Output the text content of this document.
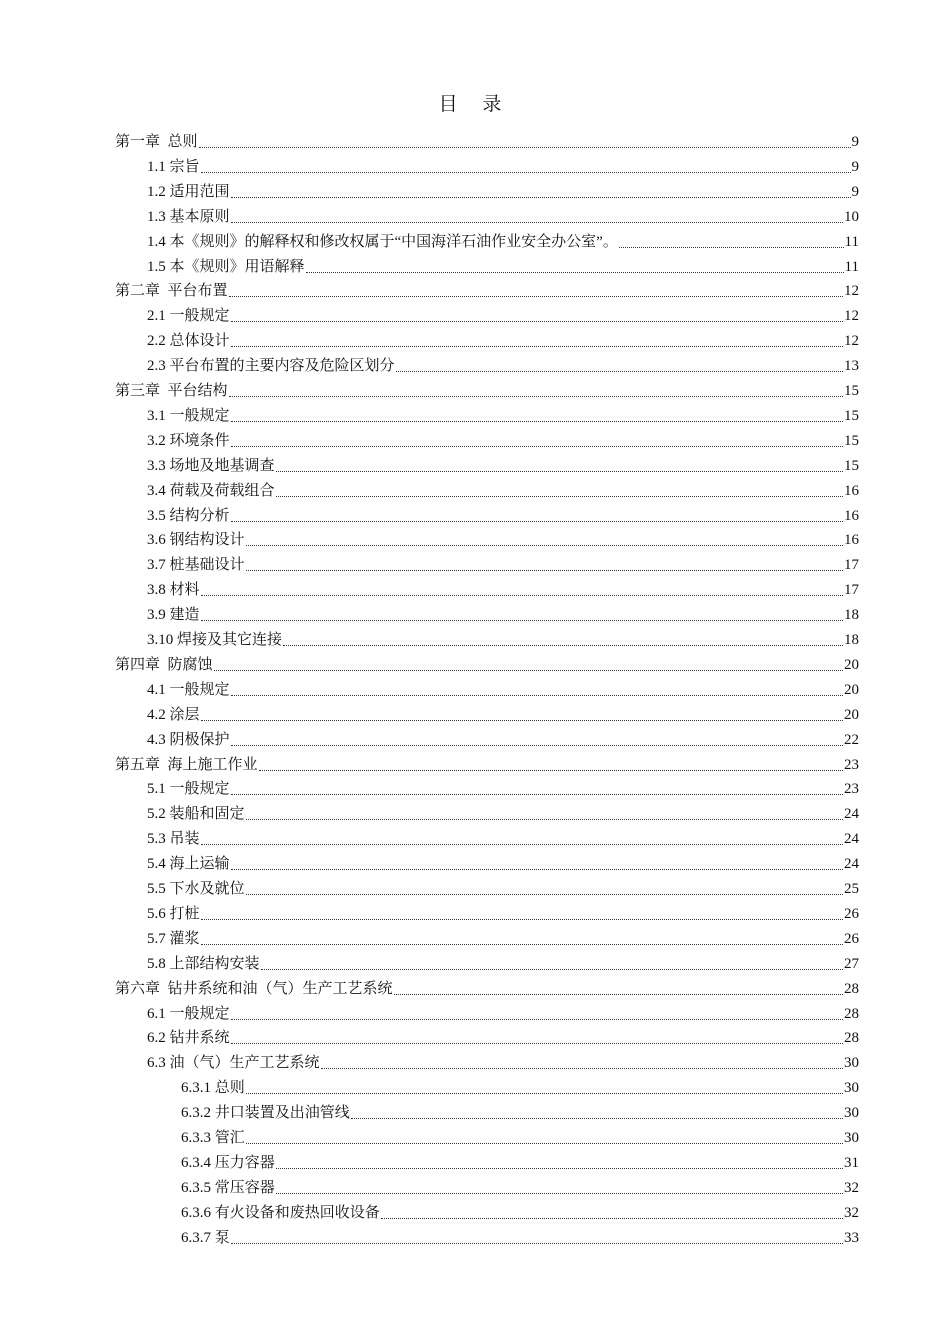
目 录
第一章  总则	9
1.1 宗旨	9
1.2 适用范围	9
1.3 基本原则	10
1.4 本《规则》的解释权和修改权属于“中国海洋石油作业安全办公室”。	11
1.5 本《规则》用语解释	11
第二章  平台布置	12
2.1 一般规定	12
2.2 总体设计	12
2.3 平台布置的主要内容及危险区划分	13
第三章  平台结构	15
3.1 一般规定	15
3.2 环境条件	15
3.3 场地及地基调查	15
3.4 荷载及荷载组合	16
3.5 结构分析	16
3.6 钢结构设计	16
3.7 桩基础设计	17
3.8 材料	17
3.9 建造	18
3.10 焊接及其它连接	18
第四章  防腐蚀	20
4.1 一般规定	20
4.2 涂层	20
4.3 阴极保护	22
第五章  海上施工作业	23
5.1 一般规定	23
5.2 装船和固定	24
5.3 吊装	24
5.4 海上运输	24
5.5 下水及就位	25
5.6 打桩	26
5.7 灌浆	26
5.8 上部结构安装	27
第六章  钻井系统和油（气）生产工艺系统	28
6.1 一般规定	28
6.2 钻井系统	28
6.3 油（气）生产工艺系统	30
6.3.1 总则	30
6.3.2 井口装置及出油管线	30
6.3.3 管汇	30
6.3.4 压力容器	31
6.3.5 常压容器	32
6.3.6 有火设备和废热回收设备	32
6.3.7 泵	33
